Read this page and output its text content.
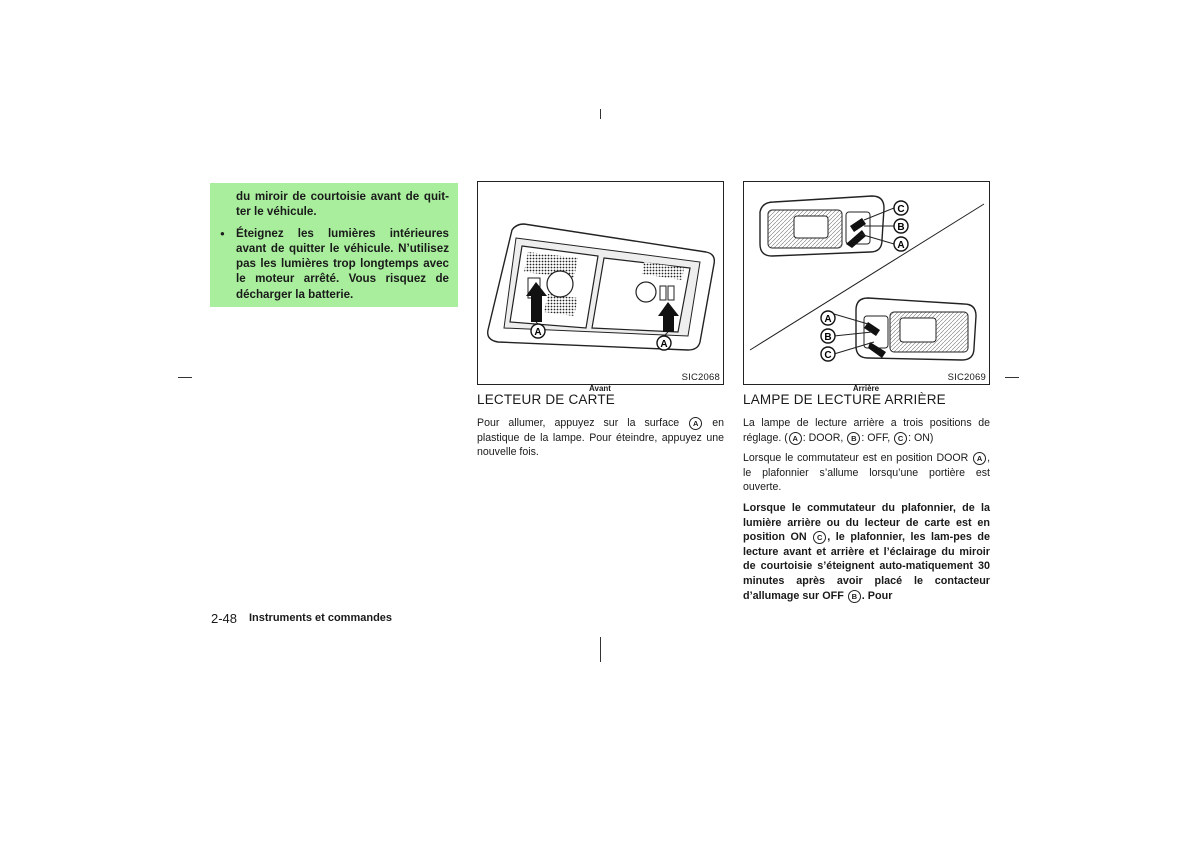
du miroir de courtoisie avant de quit-ter le véhicule.

● Éteignez les lumières intérieures avant de quitter le véhicule. N’utilisez pas les lumières trop longtemps avec le moteur arrêté. Vous risquez de décharger la batterie.
A
A
SIC2068
Avant
C
B
A
A
B
C
SIC2069
Arrière
LECTEUR DE CARTE

Pour allumer, appuyez sur la surface A en plastique de la lampe. Pour éteindre, appuyez une nouvelle fois.

LAMPE DE LECTURE ARRIÈRE

La lampe de lecture arrière a trois positions de réglage. ( A : DOOR, B : OFF, C : ON)

Lorsque le commutateur est en position DOOR A , le plafonnier s’allume lorsqu’une portière est ouverte.

Lorsque le commutateur du plafonnier, de la lumière arrière ou du lecteur de carte est en position ON C , le plafonnier, les lam-pes de lecture avant et arrière et l’éclairage du miroir de courtoisie s’éteignent auto-matiquement 30 minutes après avoir placé le contacteur d’allumage sur OFF B . Pour

2-48 Instruments et commandes
